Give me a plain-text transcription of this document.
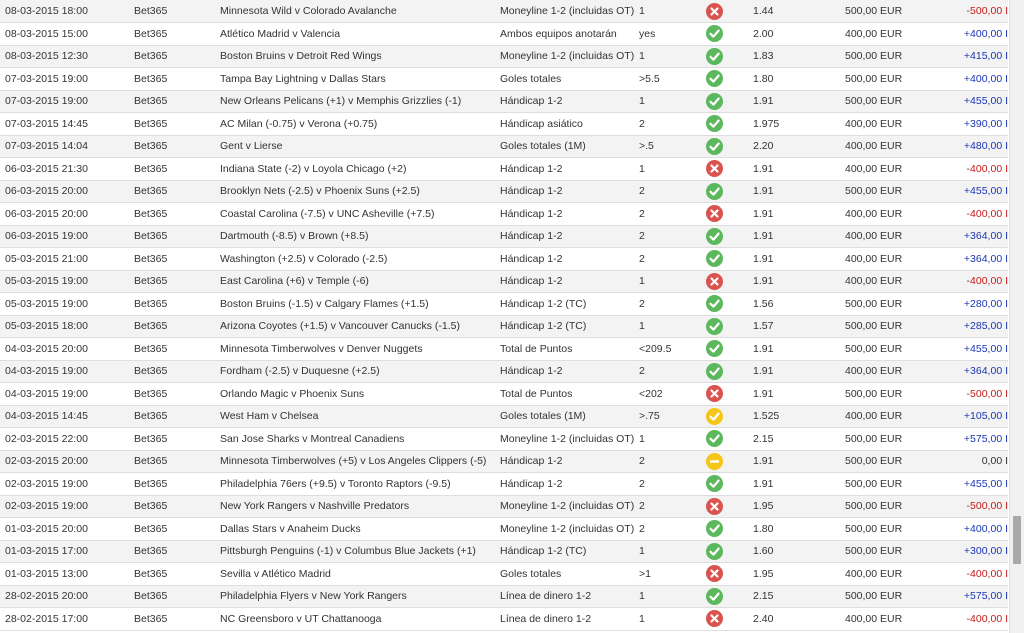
08-03-2015 18:00	Bet365	Minnesota Wild v Colorado Avalanche	Moneyline 1-2 (incluidas OT)	1		1.44	500,00 EUR	-500,00 I
08-03-2015 15:00	Bet365	Atlético Madrid v Valencia	Ambos equipos anotarán	yes		2.00	400,00 EUR	+400,00 I
08-03-2015 12:30	Bet365	Boston Bruins v Detroit Red Wings	Moneyline 1-2 (incluidas OT)	1		1.83	500,00 EUR	+415,00 I
07-03-2015 19:00	Bet365	Tampa Bay Lightning v Dallas Stars	Goles totales	>5.5		1.80	500,00 EUR	+400,00 I
07-03-2015 19:00	Bet365	New Orleans Pelicans (+1) v Memphis Grizzlies (-1)	Hándicap 1-2	1		1.91	500,00 EUR	+455,00 I
07-03-2015 14:45	Bet365	AC Milan (-0.75) v Verona (+0.75)	Hándicap asiático	2		1.975	400,00 EUR	+390,00 I
07-03-2015 14:04	Bet365	Gent v Lierse	Goles totales (1M)	>.5		2.20	400,00 EUR	+480,00 I
06-03-2015 21:30	Bet365	Indiana State (-2) v Loyola Chicago (+2)	Hándicap 1-2	1		1.91	400,00 EUR	-400,00 I
06-03-2015 20:00	Bet365	Brooklyn Nets (-2.5) v Phoenix Suns (+2.5)	Hándicap 1-2	2		1.91	500,00 EUR	+455,00 I
06-03-2015 20:00	Bet365	Coastal Carolina (-7.5) v UNC Asheville (+7.5)	Hándicap 1-2	2		1.91	400,00 EUR	-400,00 I
06-03-2015 19:00	Bet365	Dartmouth (-8.5) v Brown (+8.5)	Hándicap 1-2	2		1.91	400,00 EUR	+364,00 I
05-03-2015 21:00	Bet365	Washington (+2.5) v Colorado (-2.5)	Hándicap 1-2	2		1.91	400,00 EUR	+364,00 I
05-03-2015 19:00	Bet365	East Carolina (+6) v Temple (-6)	Hándicap 1-2	1		1.91	400,00 EUR	-400,00 I
05-03-2015 19:00	Bet365	Boston Bruins (-1.5) v Calgary Flames (+1.5)	Hándicap 1-2 (TC)	2		1.56	500,00 EUR	+280,00 I
05-03-2015 18:00	Bet365	Arizona Coyotes (+1.5) v Vancouver Canucks (-1.5)	Hándicap 1-2 (TC)	1		1.57	500,00 EUR	+285,00 I
04-03-2015 20:00	Bet365	Minnesota Timberwolves v Denver Nuggets	Total de Puntos	<209.5		1.91	500,00 EUR	+455,00 I
04-03-2015 19:00	Bet365	Fordham (-2.5) v Duquesne (+2.5)	Hándicap 1-2	2		1.91	400,00 EUR	+364,00 I
04-03-2015 19:00	Bet365	Orlando Magic v Phoenix Suns	Total de Puntos	<202		1.91	500,00 EUR	-500,00 I
04-03-2015 14:45	Bet365	West Ham v Chelsea	Goles totales (1M)	>.75		1.525	400,00 EUR	+105,00 I
02-03-2015 22:00	Bet365	San Jose Sharks v Montreal Canadiens	Moneyline 1-2 (incluidas OT)	1		2.15	500,00 EUR	+575,00 I
02-03-2015 20:00	Bet365	Minnesota Timberwolves (+5) v Los Angeles Clippers (-5)	Hándicap 1-2	2		1.91	500,00 EUR	0,00 I
02-03-2015 19:00	Bet365	Philadelphia 76ers (+9.5) v Toronto Raptors (-9.5)	Hándicap 1-2	2		1.91	500,00 EUR	+455,00 I
02-03-2015 19:00	Bet365	New York Rangers v Nashville Predators	Moneyline 1-2 (incluidas OT)	2		1.95	500,00 EUR	-500,00 I
01-03-2015 20:00	Bet365	Dallas Stars v Anaheim Ducks	Moneyline 1-2 (incluidas OT)	2		1.80	500,00 EUR	+400,00 I
01-03-2015 17:00	Bet365	Pittsburgh Penguins (-1) v Columbus Blue Jackets (+1)	Hándicap 1-2 (TC)	1		1.60	500,00 EUR	+300,00 I
01-03-2015 13:00	Bet365	Sevilla v Atlético Madrid	Goles totales	>1		1.95	400,00 EUR	-400,00 I
28-02-2015 20:00	Bet365	Philadelphia Flyers v New York Rangers	Línea de dinero 1-2	1		2.15	500,00 EUR	+575,00 I
28-02-2015 17:00	Bet365	NC Greensboro v UT Chattanooga	Línea de dinero 1-2	1		2.40	400,00 EUR	-400,00 I
